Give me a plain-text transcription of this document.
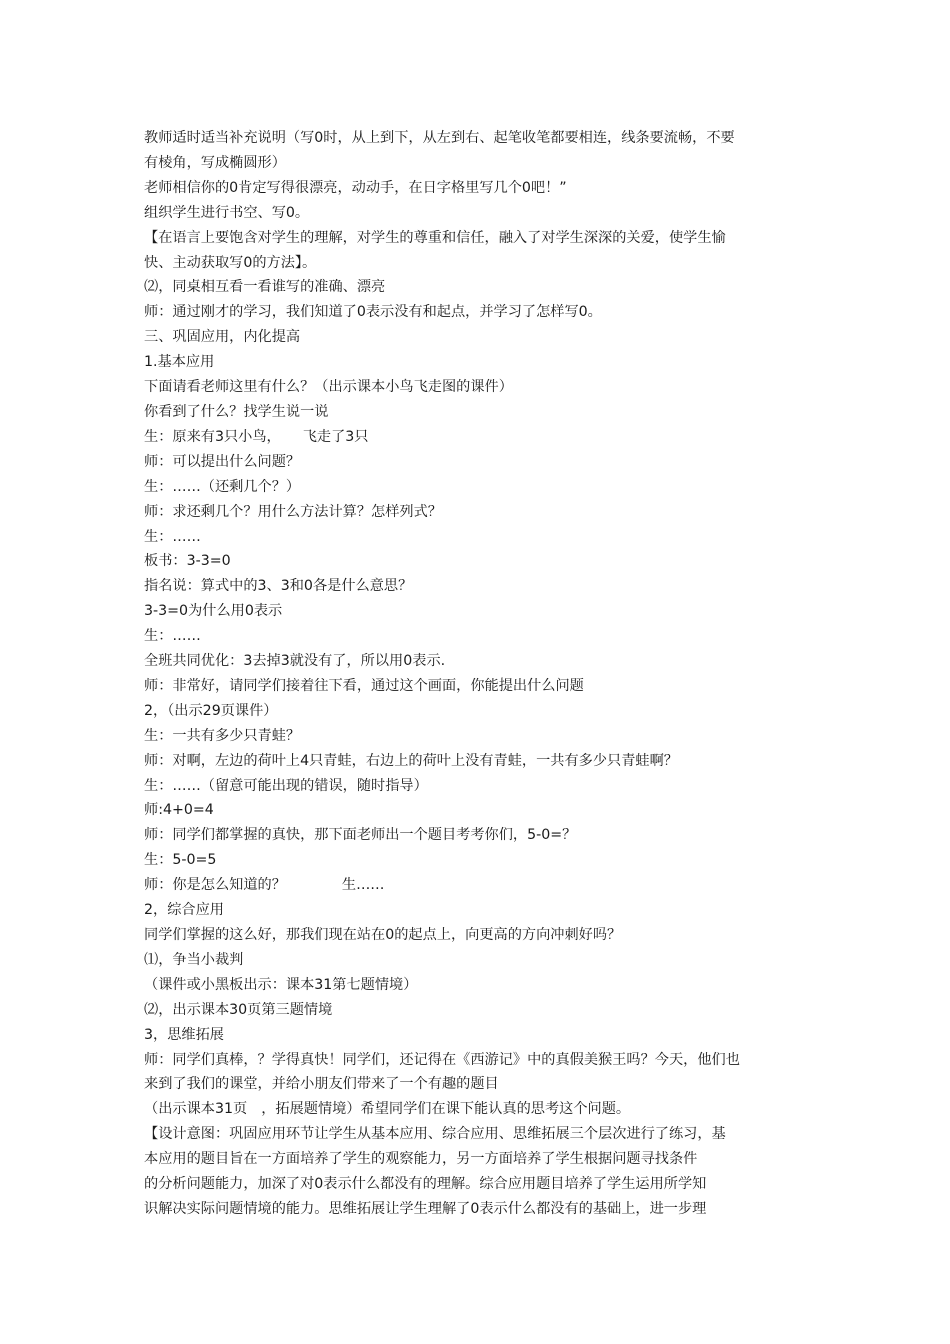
教师适时适当补充说明（写0时，从上到下，从左到右、起笔收笔都要相连，线条要流畅，不要
有棱角，写成椭圆形）
老师相信你的0肯定写得很漂亮，动动手，在日字格里写几个0吧！”
组织学生进行书空、写0。
【在语言上要饱含对学生的理解，对学生的尊重和信任，融入了对学生深深的关爱，使学生愉
快、主动获取写0的方法】。
⑵，同桌相互看一看谁写的准确、漂亮
师：通过刚才的学习，我们知道了0表示没有和起点，并学习了怎样写0。
三、巩固应用，内化提高
1.基本应用
下面请看老师这里有什么？（出示课本小鸟飞走图的课件）
你看到了什么？找学生说一说
生：原来有3只小鸟， 飞走了3只
师：可以提出什么问题？
生：……（还剩几个？）
师：求还剩几个？用什么方法计算？怎样列式？
生：……
板书：3-3=0
指名说：算式中的3、3和0各是什么意思？
3-3=0为什么用0表示
生：……
全班共同优化：3去掉3就没有了，所以用0表示.
师：非常好，请同学们接着往下看，通过这个画面，你能提出什么问题
2，（出示29页课件）
生：一共有多少只青蛙？
师：对啊，左边的荷叶上4只青蛙，右边上的荷叶上没有青蛙，一共有多少只青蛙啊？
生：……（留意可能出现的错误，随时指导）
师:4+0=4
师：同学们都掌握的真快，那下面老师出一个题目考考你们，5-0=？
生：5-0=5
师：你是怎么知道的？	生……
2，综合应用
同学们掌握的这么好，那我们现在站在0的起点上，向更高的方向冲刺好吗？
⑴，争当小裁判
（课件或小黑板出示：课本31第七题情境）
⑵，出示课本30页第三题情境
3，思维拓展
师：同学们真棒，？学得真快！同学们，还记得在《西游记》中的真假美猴王吗？今天，他们也
来到了我们的课堂，并给小朋友们带来了一个有趣的题目
（出示课本31页 ，拓展题情境）希望同学们在课下能认真的思考这个问题。
【设计意图：巩固应用环节让学生从基本应用、综合应用、思维拓展三个层次进行了练习，基
本应用的题目旨在一方面培养了学生的观察能力，另一方面培养了学生根据问题寻找条件
的分析问题能力，加深了对0表示什么都没有的理解。综合应用题目培养了学生运用所学知
识解决实际问题情境的能力。思维拓展让学生理解了0表示什么都没有的基础上，进一步理
